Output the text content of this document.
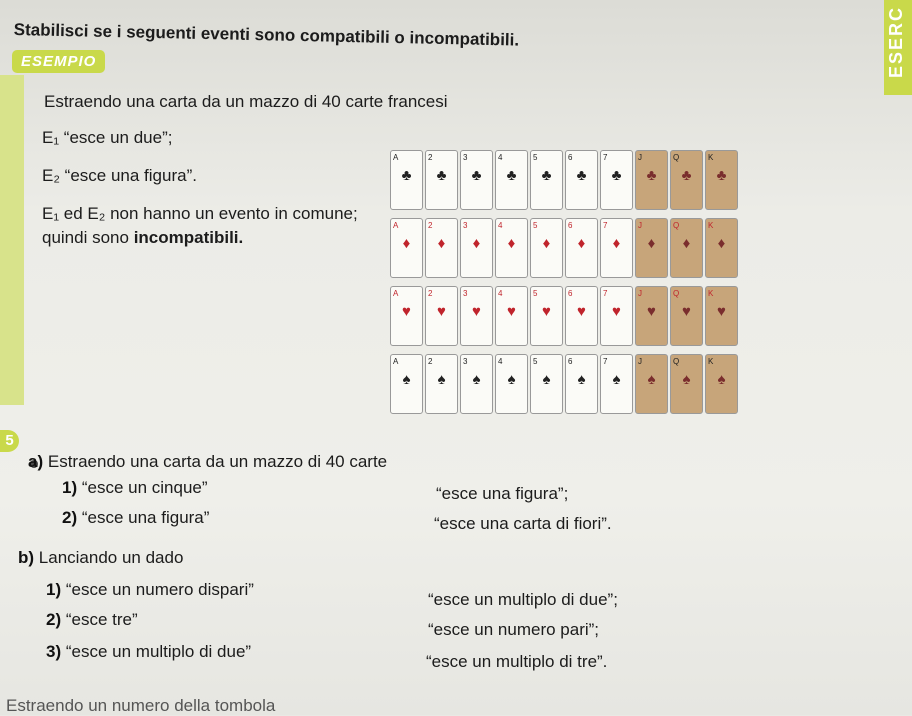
ESERC
Stabilisci se i seguenti eventi sono compatibili o incompatibili.
ESEMPIO
Estraendo una carta da un mazzo di 40 carte francesi
E₁ “esce un due”;
E₂ “esce una figura”.
E₁ ed E₂ non hanno un evento in comune;
quindi sono incompatibili.
A
♣
2
♣
3
♣
4
♣
5
♣
6
♣
7
♣
J
♣
Q
♣
K
♣
A
♦
2
♦
3
♦
4
♦
5
♦
6
♦
7
♦
J
♦
Q
♦
K
♦
A
♥
2
♥
3
♥
4
♥
5
♥
6
♥
7
♥
J
♥
Q
♥
K
♥
A
♠
2
♠
3
♠
4
♠
5
♠
6
♠
7
♠
J
♠
Q
♠
K
♠
5
a) Estraendo una carta da un mazzo di 40 carte
1) “esce un cinque”	“esce una figura”;
2) “esce una figura”	“esce una carta di fiori”.
b) Lanciando un dado
1) “esce un numero dispari”
“esce un multiplo di due”;
2) “esce tre”
“esce un numero pari”;
3) “esce un multiplo di due”
“esce un multiplo di tre”.
Estraendo un numero della tombola
